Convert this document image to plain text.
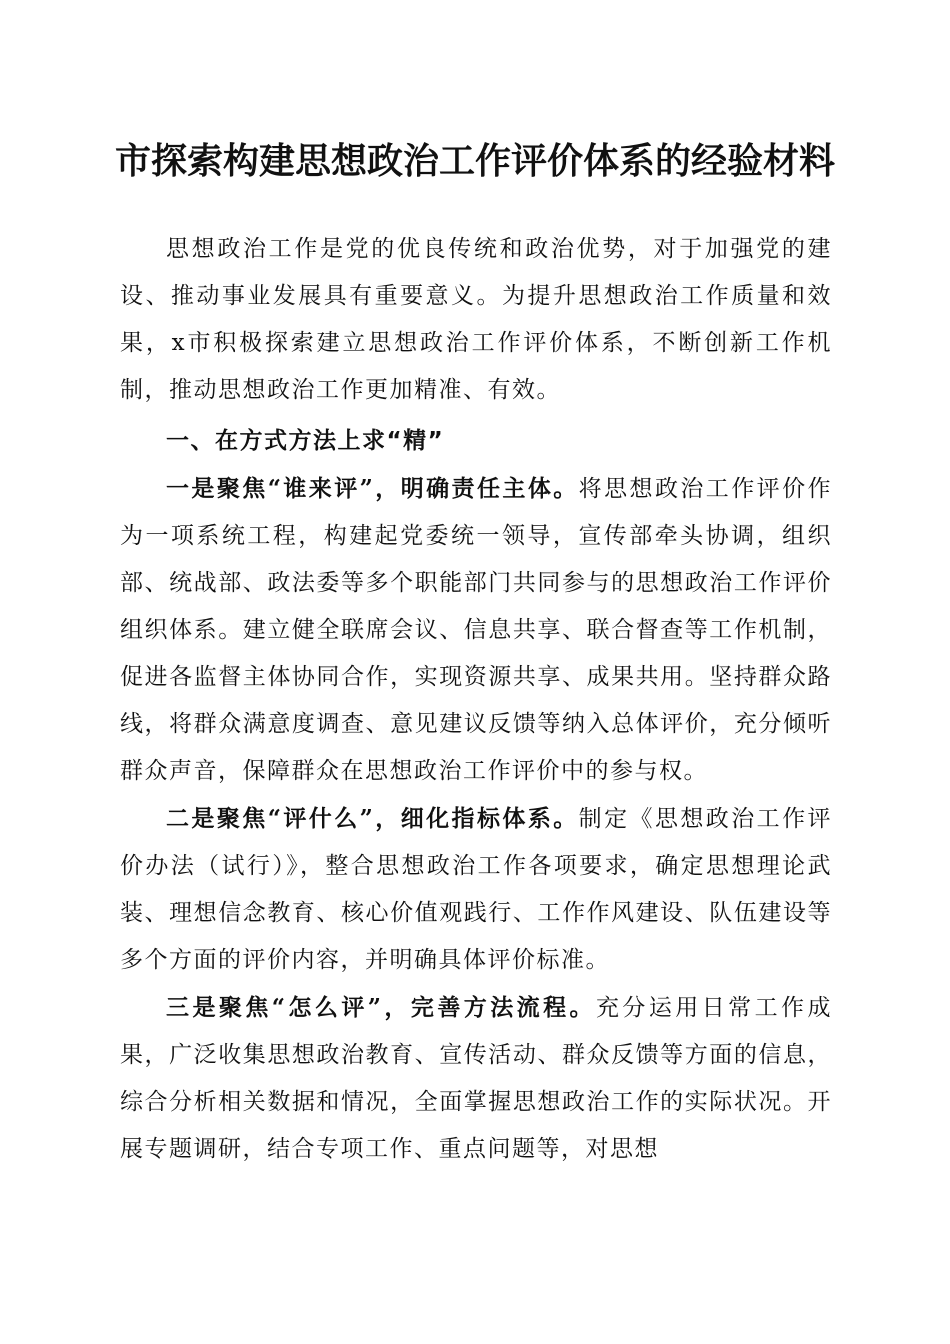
市探索构建思想政治工作评价体系的经验材料

思想政治工作是党的优良传统和政治优势，对于加强党的建设、推动事业发展具有重要意义。为提升思想政治工作质量和效果，x市积极探索建立思想政治工作评价体系，不断创新工作机制，推动思想政治工作更加精准、有效。

一、在方式方法上求“精”

一是聚焦“谁来评”，明确责任主体。将思想政治工作评价作为一项系统工程，构建起党委统一领导，宣传部牵头协调，组织部、统战部、政法委等多个职能部门共同参与的思想政治工作评价组织体系。建立健全联席会议、信息共享、联合督查等工作机制，促进各监督主体协同合作，实现资源共享、成果共用。坚持群众路线，将群众满意度调查、意见建议反馈等纳入总体评价，充分倾听群众声音，保障群众在思想政治工作评价中的参与权。

二是聚焦“评什么”，细化指标体系。制定《思想政治工作评价办法（试行）》，整合思想政治工作各项要求，确定思想理论武装、理想信念教育、核心价值观践行、工作作风建设、队伍建设等多个方面的评价内容，并明确具体评价标准。

三是聚焦“怎么评”，完善方法流程。充分运用日常工作成果，广泛收集思想政治教育、宣传活动、群众反馈等方面的信息，综合分析相关数据和情况，全面掌握思想政治工作的实际状况。开展专题调研，结合专项工作、重点问题等，对思想
